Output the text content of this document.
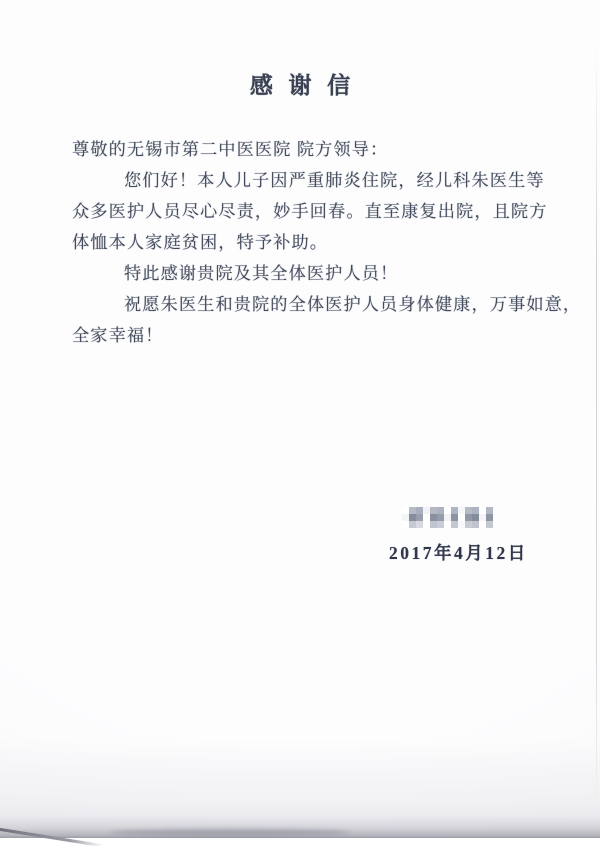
感谢信
尊敬的无锡市第二中医医院 院方领导：
您们好！本人儿子因严重肺炎住院，经儿科朱医生等
众多医护人员尽心尽责，妙手回春。直至康复出院，且院方
体恤本人家庭贫困，特予补助。
特此感谢贵院及其全体医护人员！
祝愿朱医生和贵院的全体医护人员身体健康，万事如意，
全家幸福！
2017年4月12日
